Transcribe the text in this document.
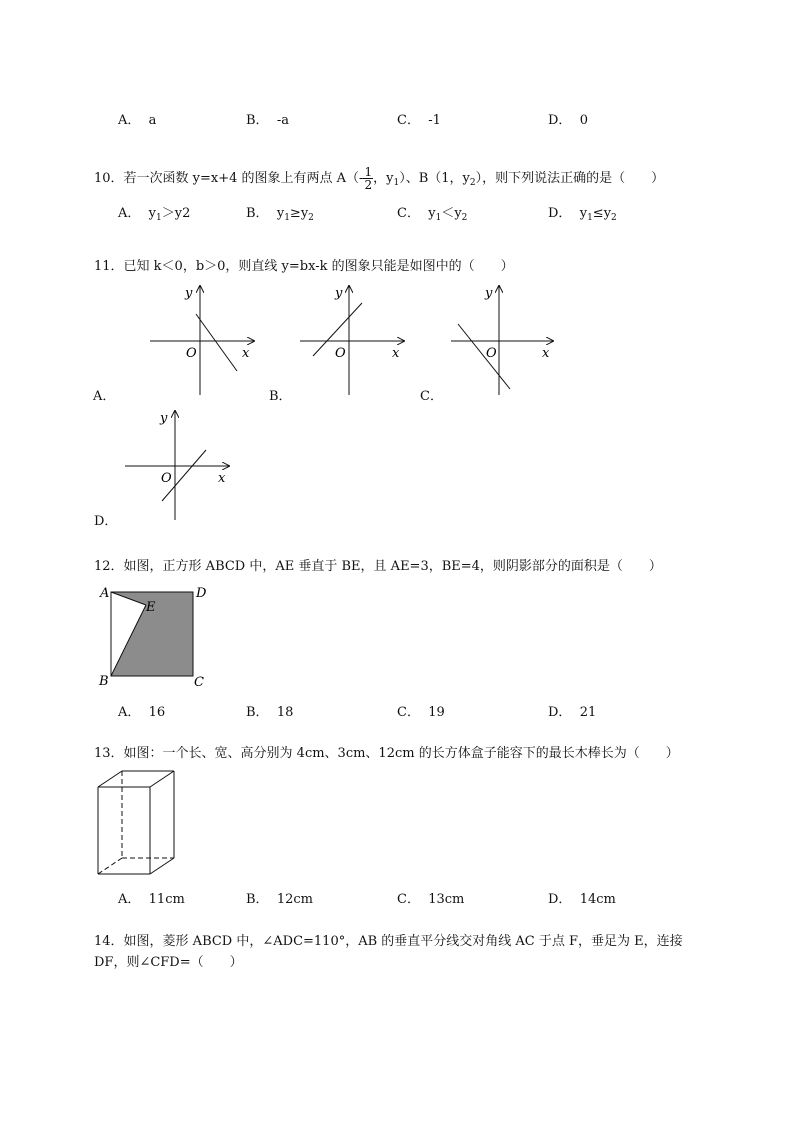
A． a	B． -a	C． -1	D． 0
10．若一次函数 y=x+4 的图象上有两点 $A(- \frac{1}{2}$ ，$y_1$）、B（1，$y_2$），则下列说法正确的是（　　）
A． $y_1>y2$	B． $y_1\ge y_2$	C． $y_1<y_2$	D． $y_1\le y_2$
11．已知 k＜0，b＞0，则直线 y=bx-k 的图象只能是如图中的（　　）
y
O	x
y
O	x
y
O	x
y
O	x
A	D
E
B	C
A．	B．	C．
D．
12．如图，正方形 ABCD 中，AE 垂直于 BE，且 AE=3，BE=4，则阴影部分的面积是（　　）
A． 16	B． 18	C． 19	D． 21
13．如图：一个长、宽、高分别为 4cm、3cm、12cm 的长方体盒子能容下的最长木棒长为（　　）
A． 11cm	B． 12cm	C． 13cm	D． 14cm
14．如图，菱形 ABCD 中，∠ADC=110°，AB 的垂直平分线交对角线 AC 于点 F，垂足为 E，连接
DF，则∠CFD=（　　）
